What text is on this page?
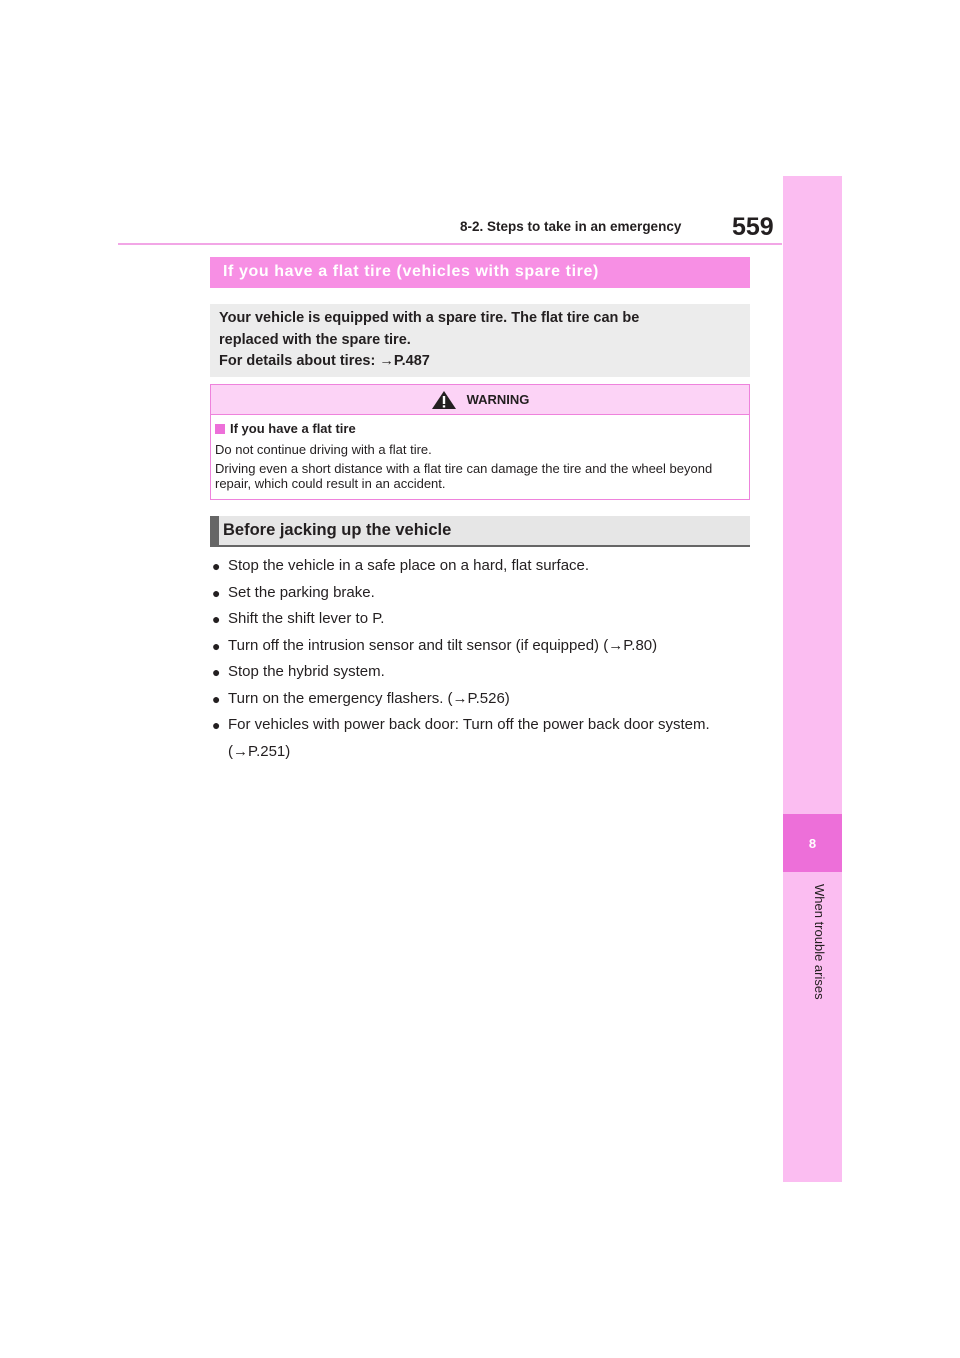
8
When trouble arises
8-2. Steps to take in an emergency 559
If you have a flat tire (vehicles with spare tire)
Your vehicle is equipped with a spare tire. The flat tire can be
replaced with the spare tire.
For details about tires: →P.487
WARNING
If you have a flat tire

Do not continue driving with a flat tire.

Driving even a short distance with a flat tire can damage the tire and the wheel beyond repair, which could result in an accident.

Before jacking up the vehicle
● Stop the vehicle in a safe place on a hard, flat surface.
● Set the parking brake.
● Shift the shift lever to P.
● Turn off the intrusion sensor and tilt sensor (if equipped) (→P.80)
● Stop the hybrid system.
● Turn on the emergency flashers. (→P.526)
● For vehicles with power back door: Turn off the power back door system. (→P.251)
